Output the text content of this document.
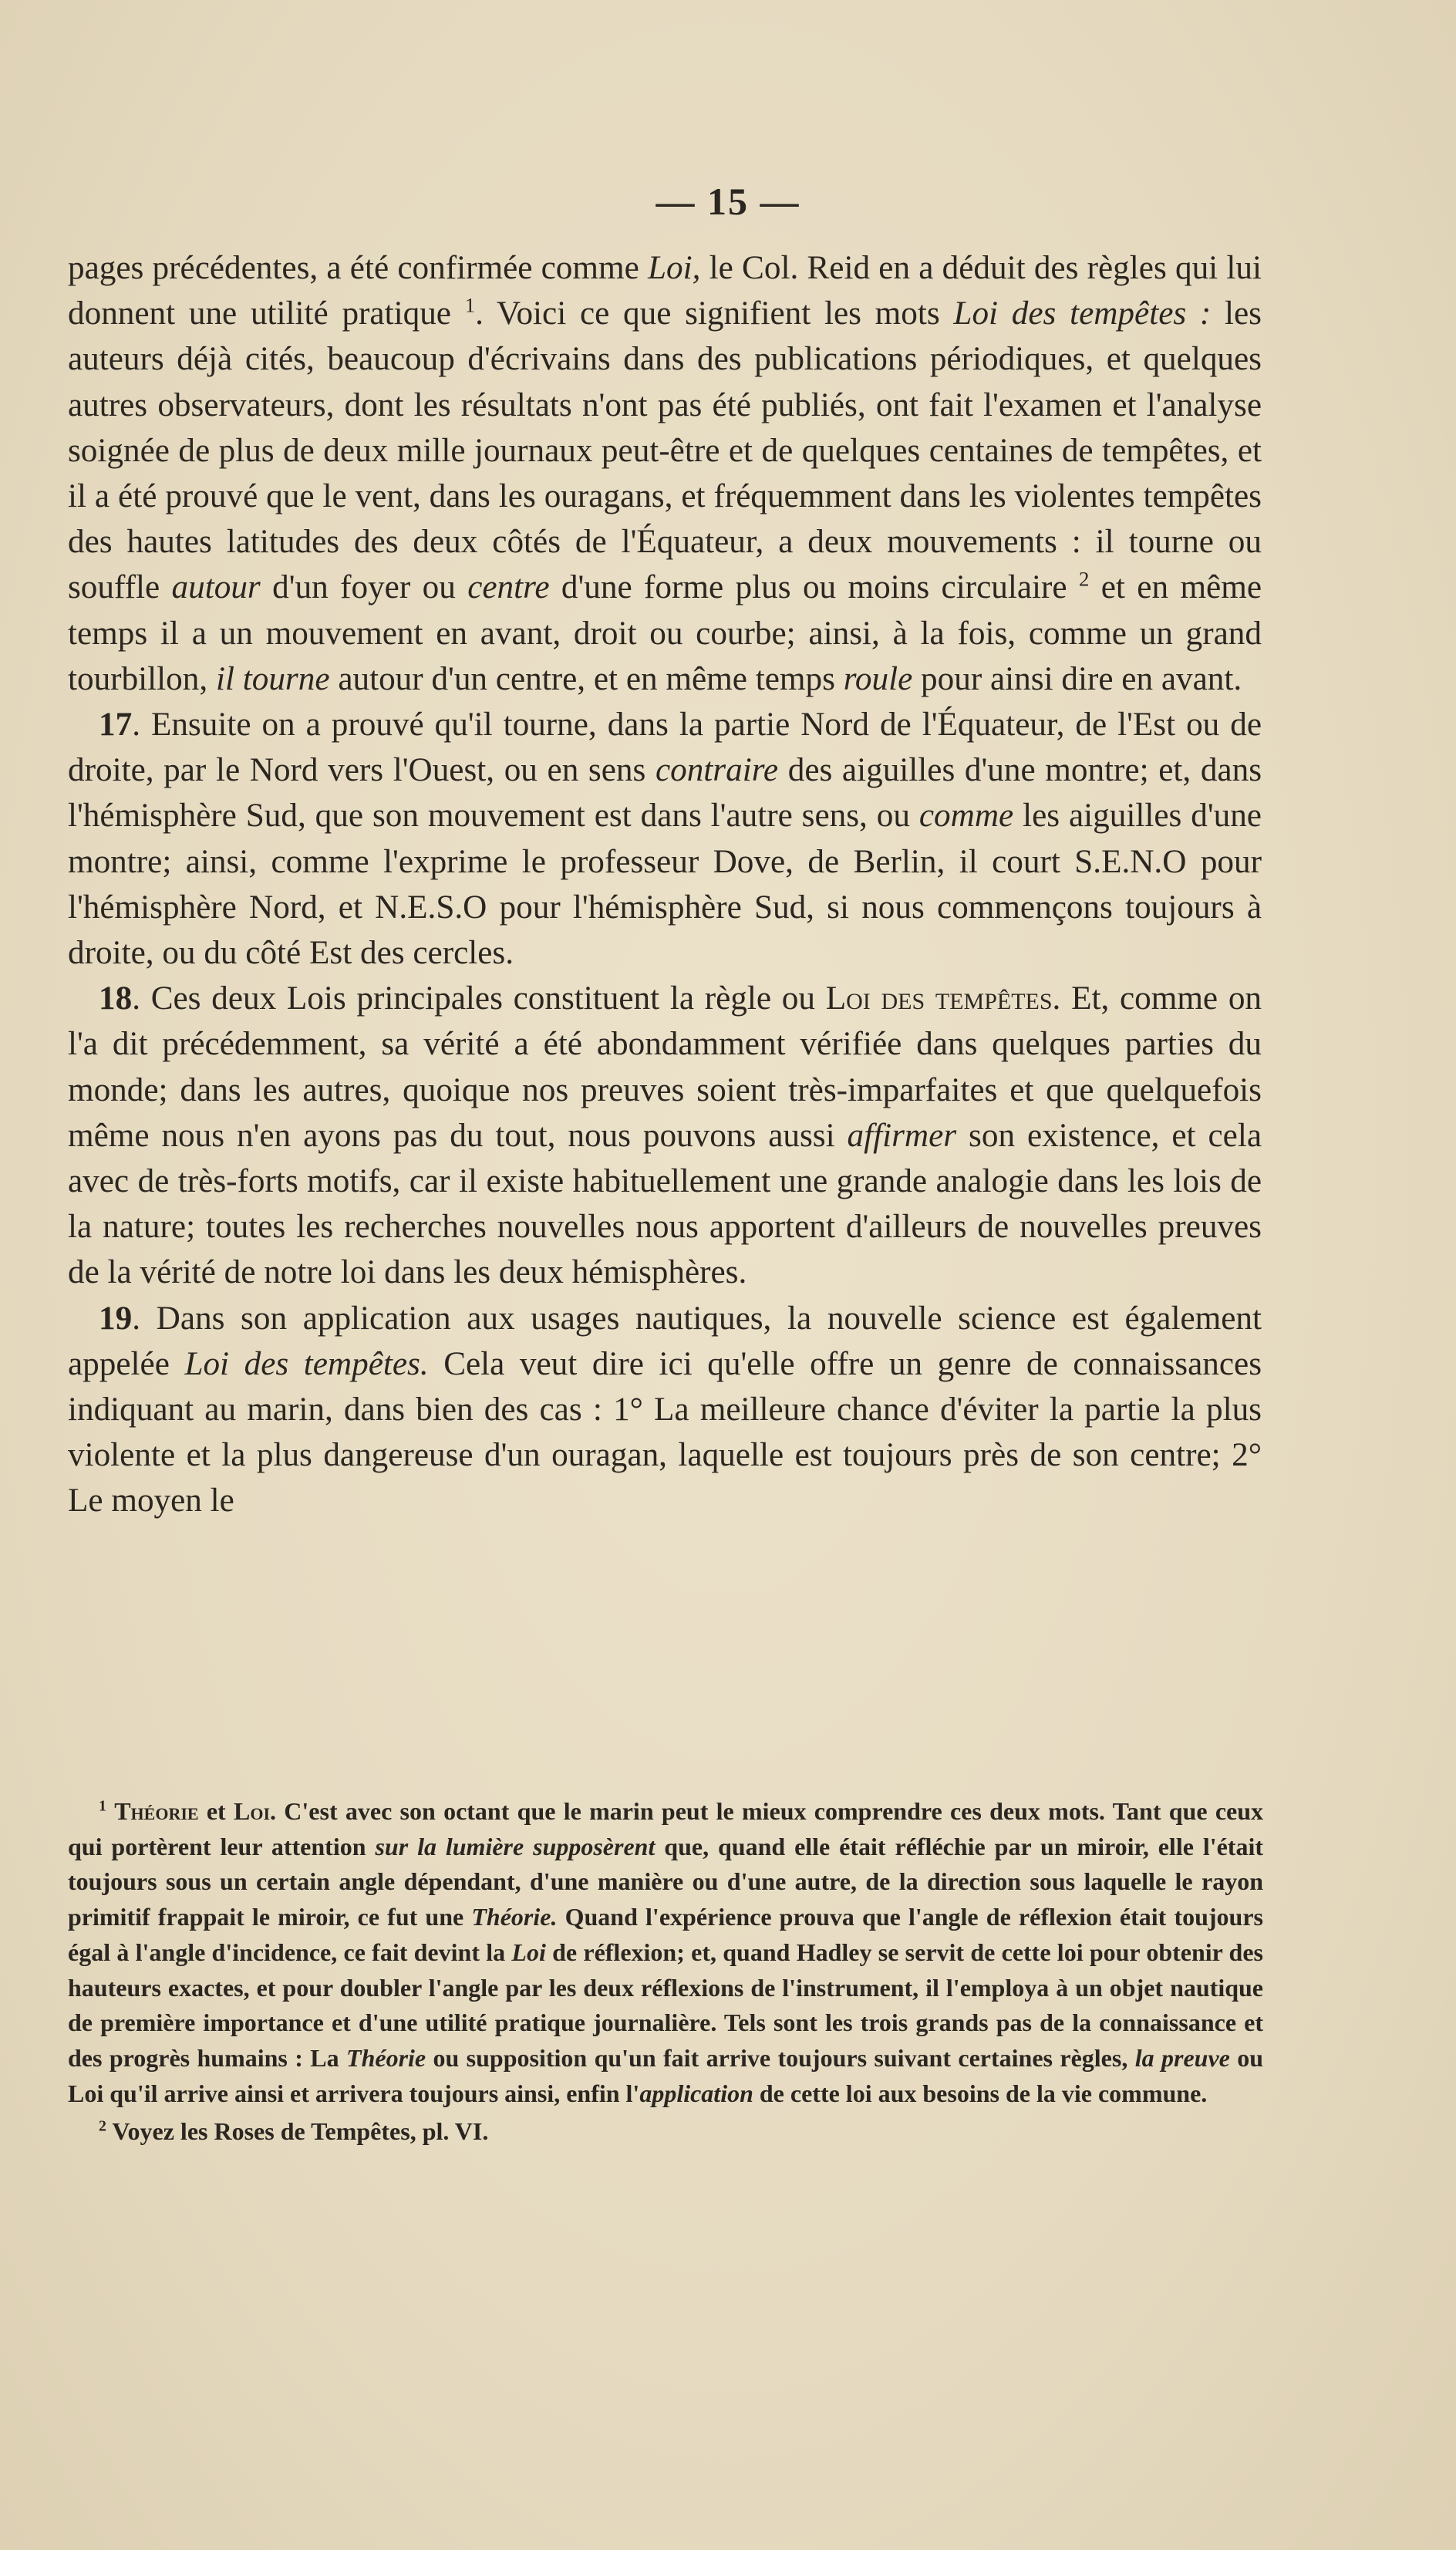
— 15 —

pages précédentes, a été confirmée comme Loi, le Col. Reid en a déduit des règles qui lui donnent une utilité pratique $^1$. Voici ce que signifient les mots Loi des tempêtes : les auteurs déjà cités, beaucoup d'écrivains dans des publications périodiques, et quelques autres observateurs, dont les résultats n'ont pas été publiés, ont fait l'examen et l'analyse soignée de plus de deux mille journaux peut-être et de quelques centaines de tempêtes, et il a été prouvé que le vent, dans les ouragans, et fréquemment dans les violentes tempêtes des hautes latitudes des deux côtés de l'Équateur, a deux mouvements : il tourne ou souffle autour d'un foyer ou centre d'une forme plus ou moins circulaire $^2$ et en même temps il a un mouvement en avant, droit ou courbe; ainsi, à la fois, comme un grand tourbillon, il tourne autour d'un centre, et en même temps roule pour ainsi dire en avant.

17. Ensuite on a prouvé qu'il tourne, dans la partie Nord de l'Équateur, de l'Est ou de droite, par le Nord vers l'Ouest, ou en sens contraire des aiguilles d'une montre; et, dans l'hémisphère Sud, que son mouvement est dans l'autre sens, ou comme les aiguilles d'une montre; ainsi, comme l'exprime le professeur Dove, de Berlin, il court S.E.N.O pour l'hémisphère Nord, et N.E.S.O pour l'hémisphère Sud, si nous commençons toujours à droite, ou du côté Est des cercles.

18. Ces deux Lois principales constituent la règle ou Loi des tempêtes. Et, comme on l'a dit précédemment, sa vérité a été abondamment vérifiée dans quelques parties du monde; dans les autres, quoique nos preuves soient très-imparfaites et que quelquefois même nous n'en ayons pas du tout, nous pouvons aussi affirmer son existence, et cela avec de très-forts motifs, car il existe habituellement une grande analogie dans les lois de la nature; toutes les recherches nouvelles nous apportent d'ailleurs de nouvelles preuves de la vérité de notre loi dans les deux hémisphères.

19. Dans son application aux usages nautiques, la nouvelle science est également appelée Loi des tempêtes. Cela veut dire ici qu'elle offre un genre de connaissances indiquant au marin, dans bien des cas : 1° La meilleure chance d'éviter la partie la plus violente et la plus dangereuse d'un ouragan, laquelle est toujours près de son centre; 2° Le moyen le

$^1$ Théorie et Loi. C'est avec son octant que le marin peut le mieux comprendre ces deux mots. Tant que ceux qui portèrent leur attention sur la lumière supposèrent que, quand elle était réfléchie par un miroir, elle l'était toujours sous un certain angle dépendant, d'une manière ou d'une autre, de la direction sous laquelle le rayon primitif frappait le miroir, ce fut une Théorie. Quand l'expérience prouva que l'angle de réflexion était toujours égal à l'angle d'incidence, ce fait devint la Loi de réflexion; et, quand Hadley se servit de cette loi pour obtenir des hauteurs exactes, et pour doubler l'angle par les deux réflexions de l'instrument, il l'employa à un objet nautique de première importance et d'une utilité pratique journalière. Tels sont les trois grands pas de la connaissance et des progrès humains : La Théorie ou supposition qu'un fait arrive toujours suivant certaines règles, la preuve ou Loi qu'il arrive ainsi et arrivera toujours ainsi, enfin l'application de cette loi aux besoins de la vie commune.

$^2$ Voyez les Roses de Tempêtes, pl. VI.
